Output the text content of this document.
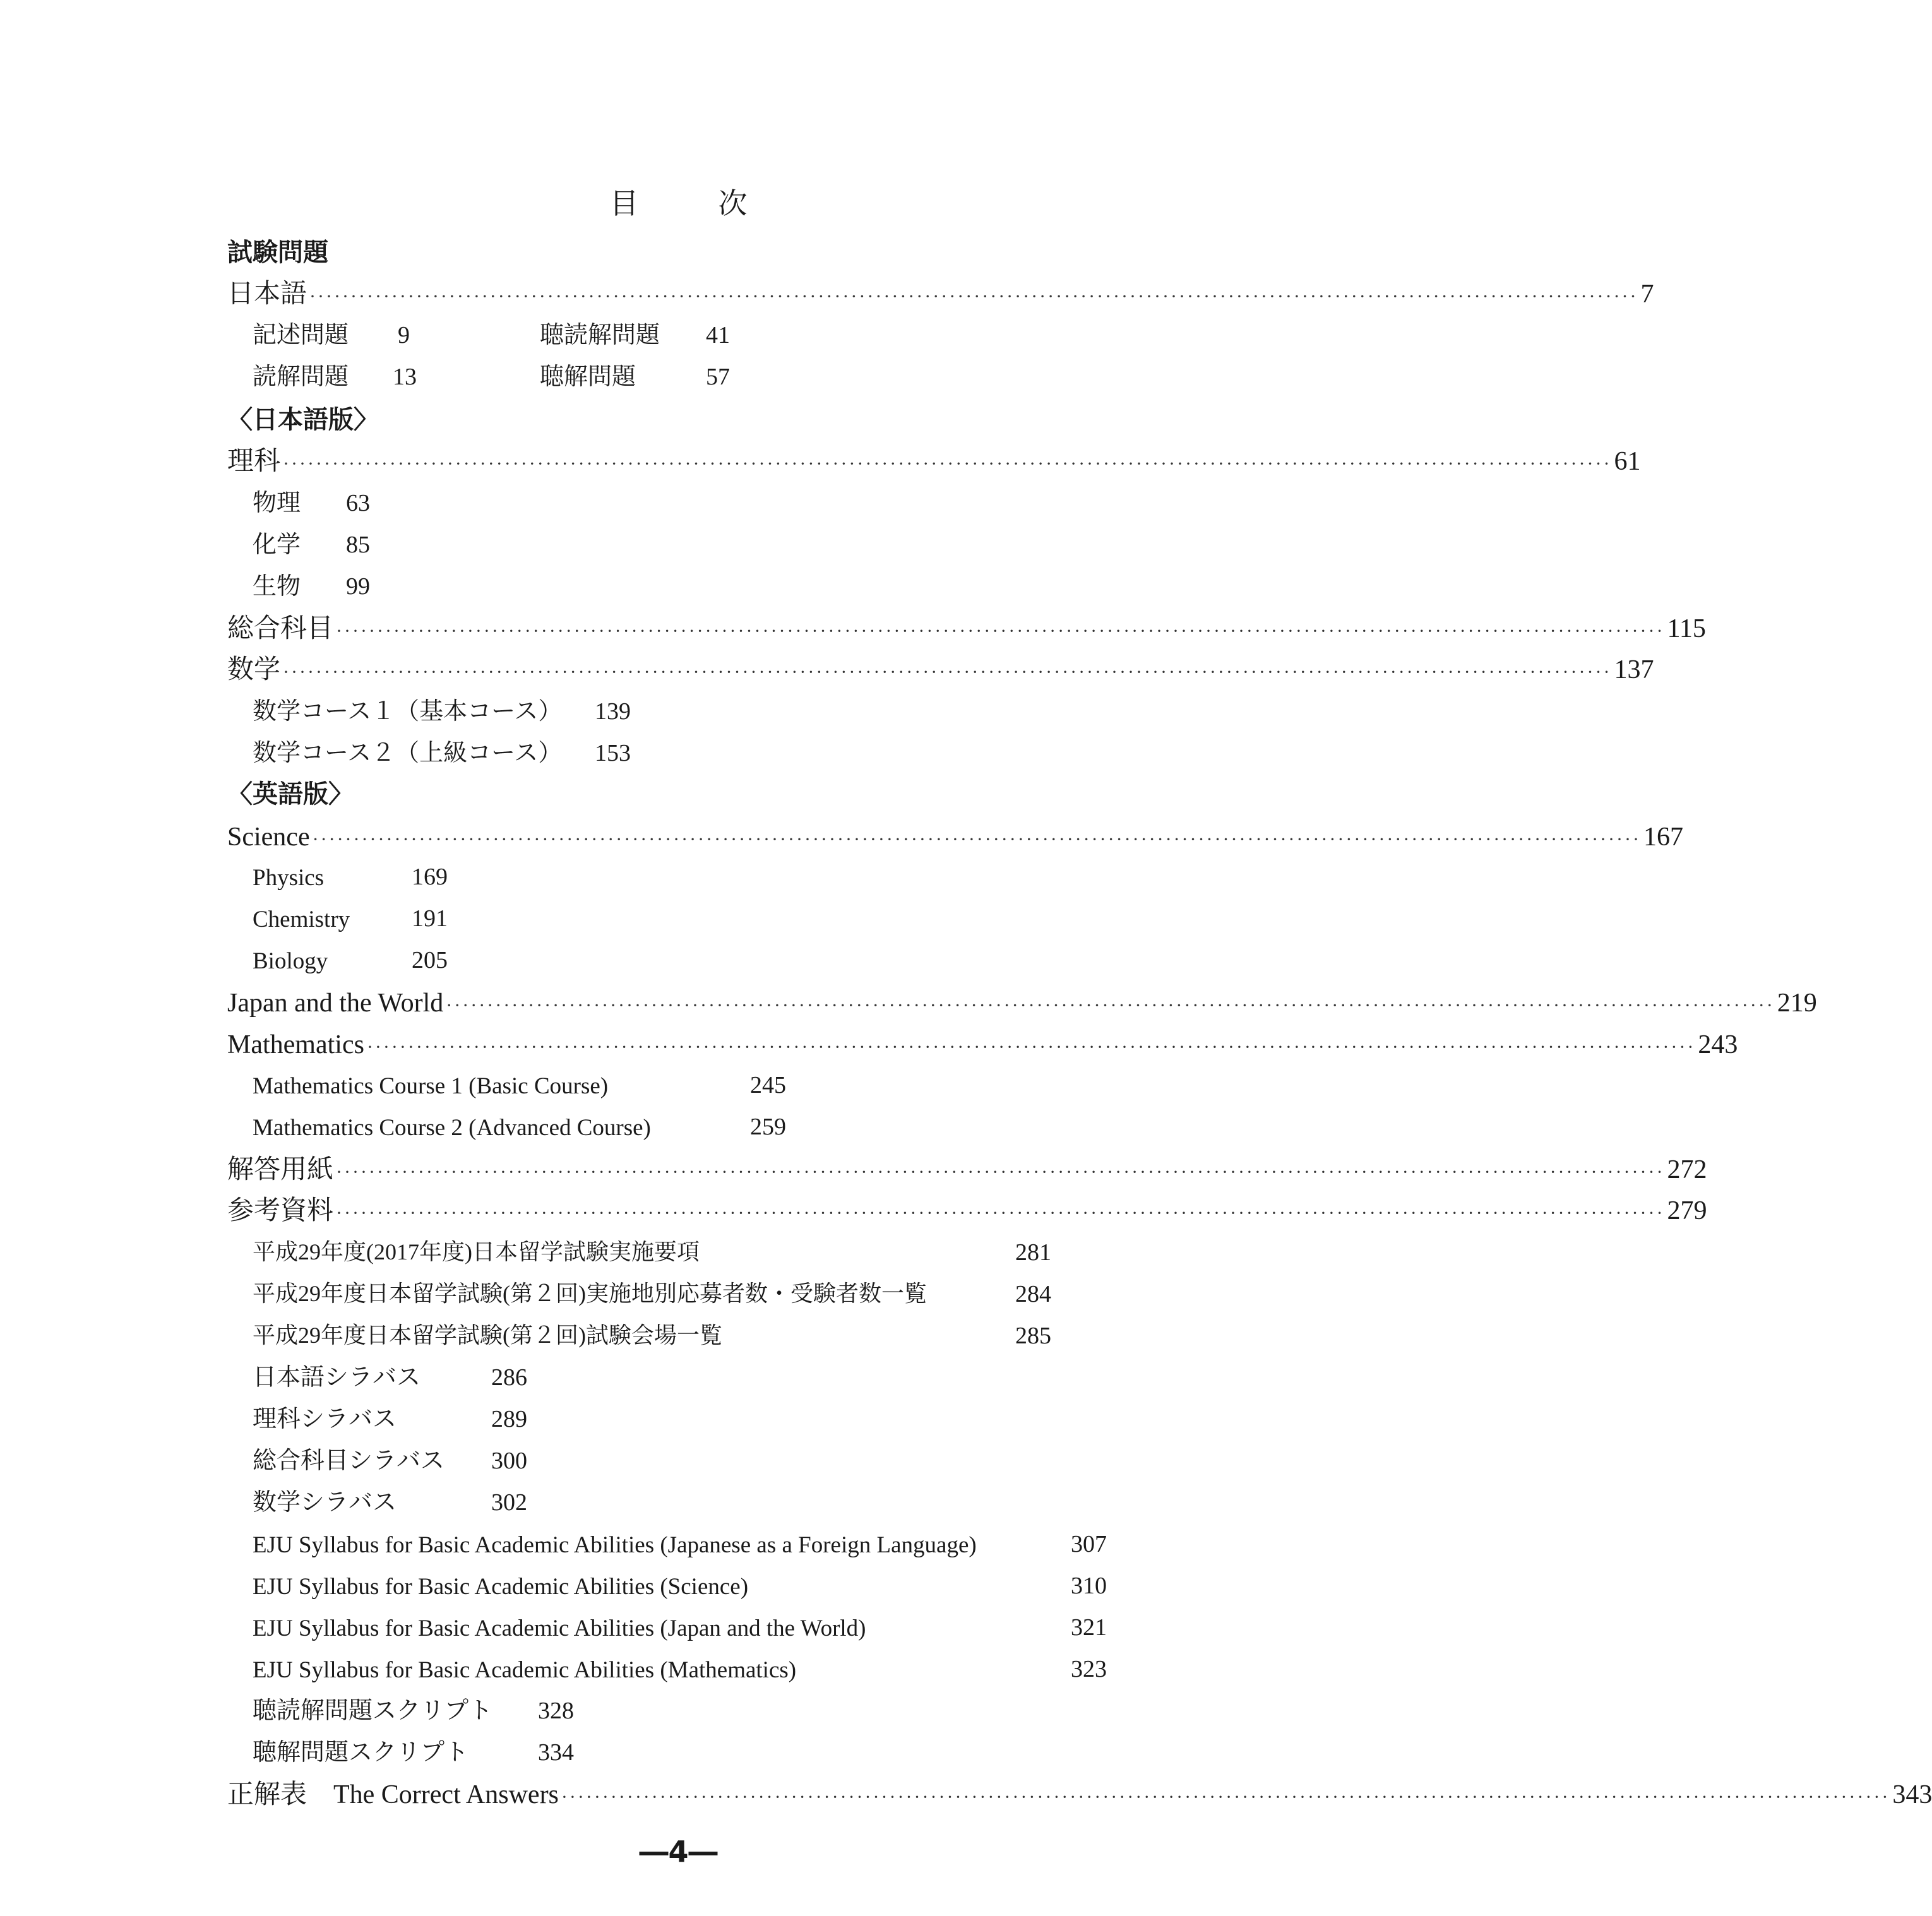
目　次
試験問題
日本語 ·································································································································································· 7
記述問題 9	聴読解問題 41
読解問題 13	聴解問題	57
〈日本語版〉
理科 ·································································································································································· 61
物理 63
化学 85
生物 99
総合科目 ·································································································································································· 115
数学 ·································································································································································· 137
数学コース１（基本コース） 139
数学コース２（上級コース） 153
〈英語版〉
Science ·································································································································································· 167
Physics	169
Chemistry	191
Biology	205
Japan and the World ·································································································································································· 219
Mathematics ·································································································································································· 243
Mathematics Course 1 (Basic Course)	245
Mathematics Course 2 (Advanced Course)	259
解答用紙 ·································································································································································· 272
参考資料 ·································································································································································· 279
平成29年度(2017年度)日本留学試験実施要項	281
平成29年度日本留学試験(第２回)実施地別応募者数・受験者数一覧	284
平成29年度日本留学試験(第２回)試験会場一覧	285
日本語シラバス	286
理科シラバス	289
総合科目シラバス 300
数学シラバス	302
EJU Syllabus for Basic Academic Abilities (Japanese as a Foreign Language)	307
EJU Syllabus for Basic Academic Abilities (Science)	310
EJU Syllabus for Basic Academic Abilities (Japan and the World)	321
EJU Syllabus for Basic Academic Abilities (Mathematics)	323
聴読解問題スクリプト 328
聴解問題スクリプト	334
正解表　The Correct Answers ·································································································································································· 343
―4―
